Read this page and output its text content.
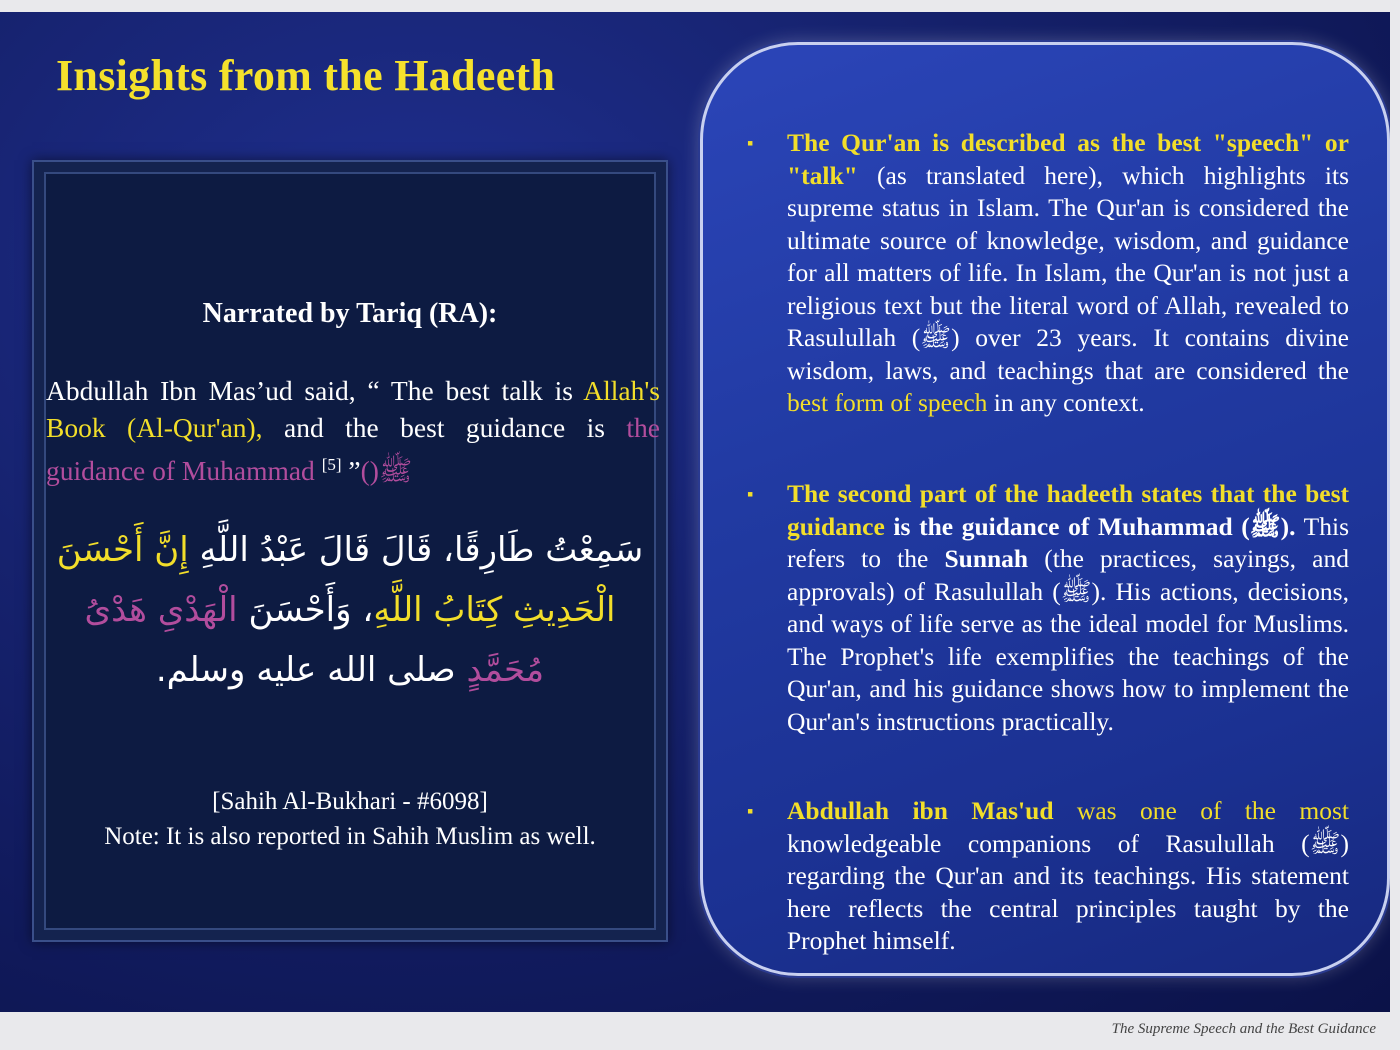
Insights from the Hadeeth
Narrated by Tariq (RA):
Abdullah Ibn Mas’ud said, “ The best talk is Allah's Book (Al-Qur'an), and the best guidance is the guidance of Muhammad ﷺ()” [5]
سَمِعْتُ طَارِقًا، قَالَ قَالَ عَبْدُ اللَّهِ إِنَّ أَحْسَنَ الْحَدِيثِ كِتَابُ اللَّهِ، وَأَحْسَنَ الْهَدْىِ هَدْىُ مُحَمَّدٍ صلى الله عليه وسلم.
[Sahih Al-Bukhari - #6098]
Note: It is also reported in Sahih Muslim as well.
▪ The Qur'an is described as the best "speech" or "talk" (as translated here), which highlights its supreme status in Islam. The Qur'an is considered the ultimate source of knowledge, wisdom, and guidance for all matters of life. In Islam, the Qur'an is not just a religious text but the literal word of Allah, revealed to Rasulullah (ﷺ) over 23 years. It contains divine wisdom, laws, and teachings that are considered the best form of speech in any context.
▪ The second part of the hadeeth states that the best guidance is the guidance of Muhammad (ﷺ). This refers to the Sunnah (the practices, sayings, and approvals) of Rasulullah (ﷺ). His actions, decisions, and ways of life serve as the ideal model for Muslims. The Prophet's life exemplifies the teachings of the Qur'an, and his guidance shows how to implement the Qur'an's instructions practically.
▪ Abdullah ibn Mas'ud was one of the most knowledgeable companions of Rasulullah (ﷺ) regarding the Qur'an and its teachings. His statement here reflects the central principles taught by the Prophet himself.
The Supreme Speech and the Best Guidance
